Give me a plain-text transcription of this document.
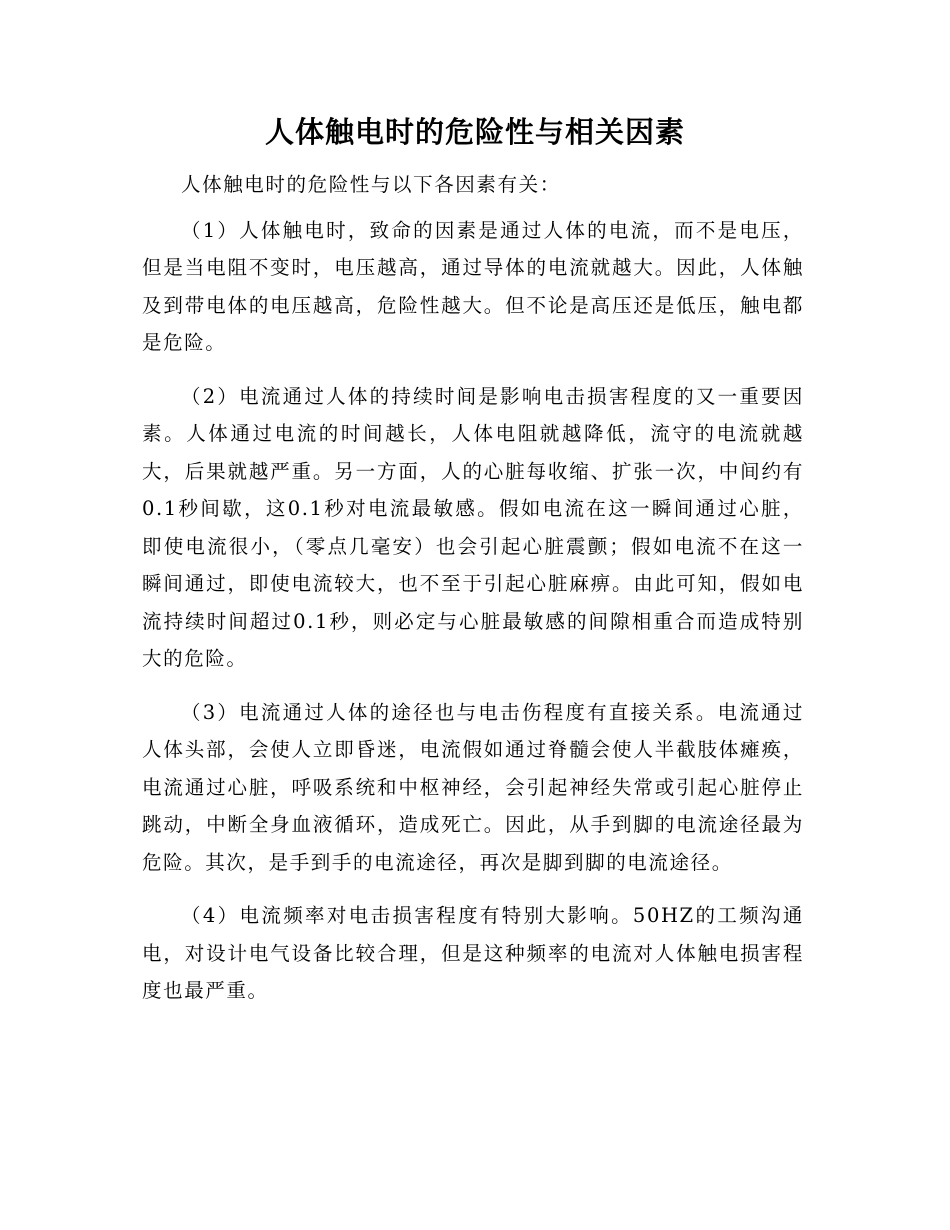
人体触电时的危险性与相关因素

人体触电时的危险性与以下各因素有关：

（1）人体触电时，致命的因素是通过人体的电流，而不是电压，但是当电阻不变时，电压越高，通过导体的电流就越大。因此，人体触及到带电体的电压越高，危险性越大。但不论是高压还是低压，触电都是危险。

（2）电流通过人体的持续时间是影响电击损害程度的又一重要因素。人体通过电流的时间越长，人体电阻就越降低，流守的电流就越大，后果就越严重。另一方面，人的心脏每收缩、扩张一次，中间约有0.1秒间歇，这0.1秒对电流最敏感。假如电流在这一瞬间通过心脏，即使电流很小，（零点几毫安）也会引起心脏震颤；假如电流不在这一瞬间通过，即使电流较大，也不至于引起心脏麻痹。由此可知，假如电流持续时间超过0.1秒，则必定与心脏最敏感的间隙相重合而造成特别大的危险。

（3）电流通过人体的途径也与电击伤程度有直接关系。电流通过人体头部，会使人立即昏迷，电流假如通过脊髓会使人半截肢体瘫痪，电流通过心脏，呼吸系统和中枢神经，会引起神经失常或引起心脏停止跳动，中断全身血液循环，造成死亡。因此，从手到脚的电流途径最为危险。其次，是手到手的电流途径，再次是脚到脚的电流途径。

（4）电流频率对电击损害程度有特别大影响。50HZ的工频沟通电，对设计电气设备比较合理，但是这种频率的电流对人体触电损害程度也最严重。
